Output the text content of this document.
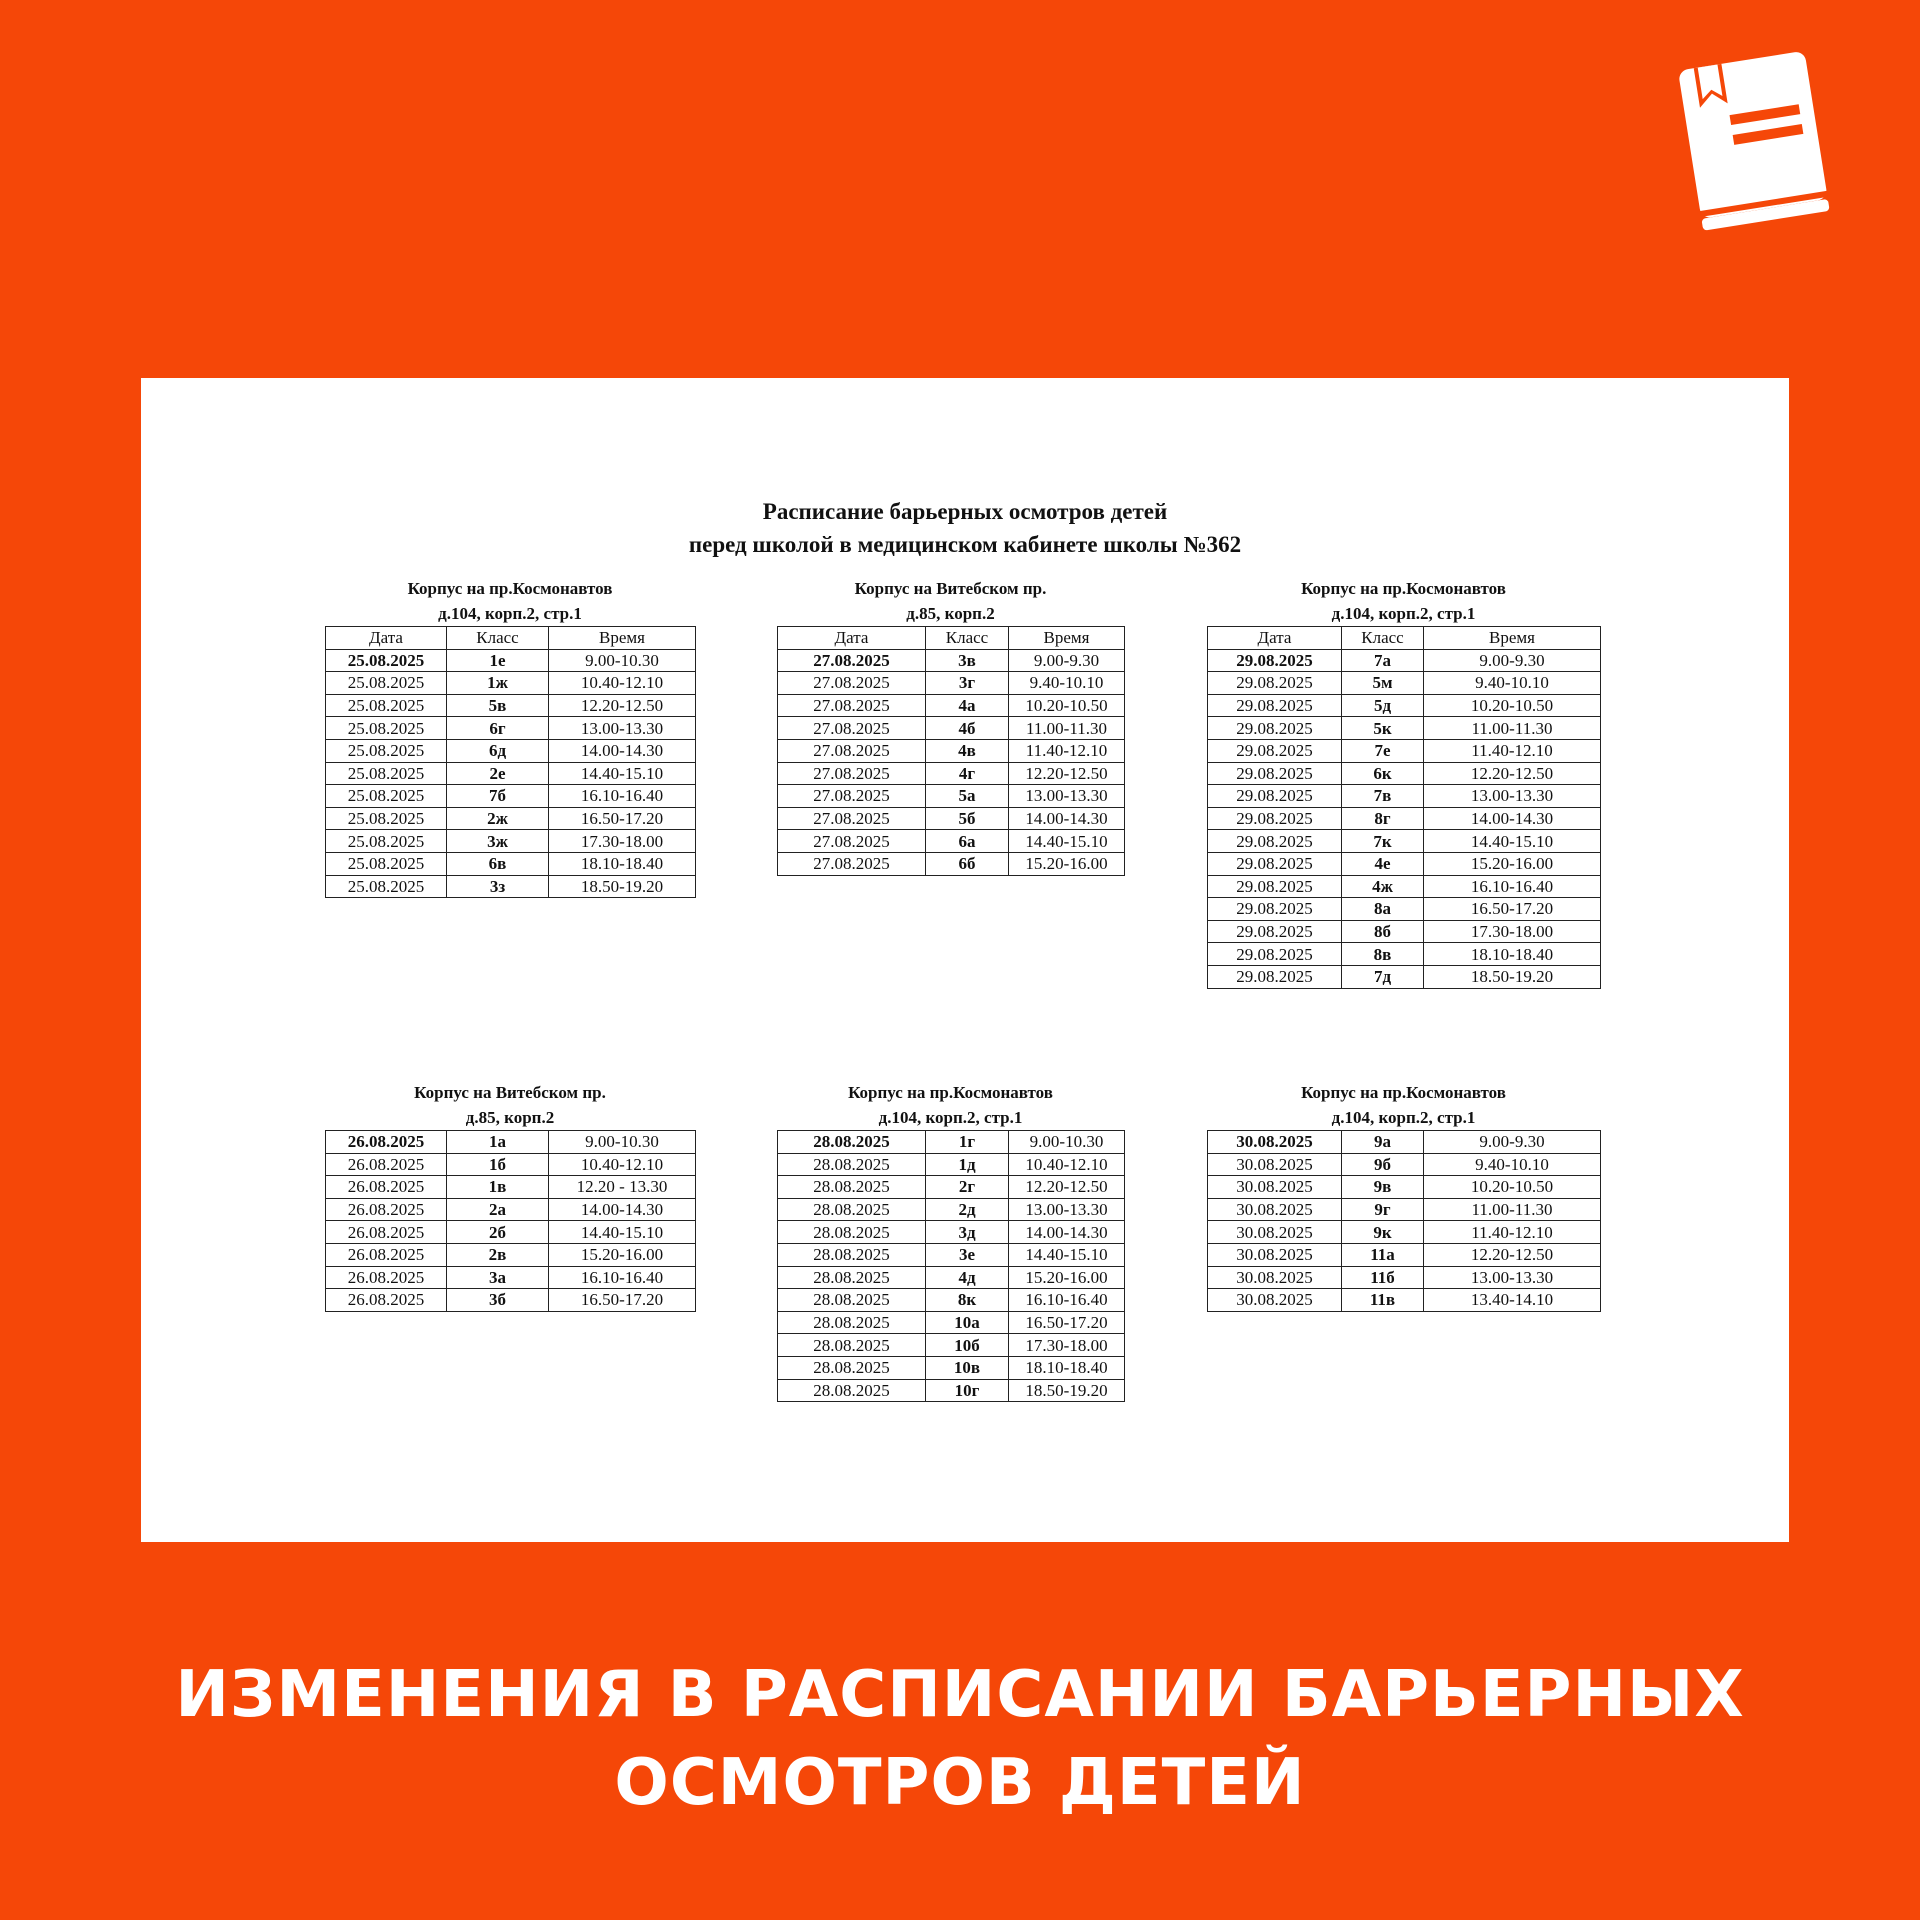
Расписание барьерных осмотров детей
перед школой в медицинском кабинете школы №362
Корпус на пр.Космонавтов
д.104, корп.2, стр.1
Дата	Класс	Время
25.08.2025	1е	9.00-10.30
25.08.2025	1ж	10.40-12.10
25.08.2025	5в	12.20-12.50
25.08.2025	6г	13.00-13.30
25.08.2025	6д	14.00-14.30
25.08.2025	2е	14.40-15.10
25.08.2025	7б	16.10-16.40
25.08.2025	2ж	16.50-17.20
25.08.2025	3ж	17.30-18.00
25.08.2025	6в	18.10-18.40
25.08.2025	3з	18.50-19.20
Корпус на Витебском пр.
д.85, корп.2
Дата	Класс	Время
27.08.2025	3в	9.00-9.30
27.08.2025	3г	9.40-10.10
27.08.2025	4а	10.20-10.50
27.08.2025	4б	11.00-11.30
27.08.2025	4в	11.40-12.10
27.08.2025	4г	12.20-12.50
27.08.2025	5а	13.00-13.30
27.08.2025	5б	14.00-14.30
27.08.2025	6а	14.40-15.10
27.08.2025	6б	15.20-16.00
Корпус на пр.Космонавтов
д.104, корп.2, стр.1
Дата	Класс	Время
29.08.2025	7а	9.00-9.30
29.08.2025	5м	9.40-10.10
29.08.2025	5д	10.20-10.50
29.08.2025	5к	11.00-11.30
29.08.2025	7е	11.40-12.10
29.08.2025	6к	12.20-12.50
29.08.2025	7в	13.00-13.30
29.08.2025	8г	14.00-14.30
29.08.2025	7к	14.40-15.10
29.08.2025	4е	15.20-16.00
29.08.2025	4ж	16.10-16.40
29.08.2025	8а	16.50-17.20
29.08.2025	8б	17.30-18.00
29.08.2025	8в	18.10-18.40
29.08.2025	7д	18.50-19.20
Корпус на Витебском пр.
д.85, корп.2
26.08.2025	1а	9.00-10.30
26.08.2025	1б	10.40-12.10
26.08.2025	1в	12.20 - 13.30
26.08.2025	2а	14.00-14.30
26.08.2025	2б	14.40-15.10
26.08.2025	2в	15.20-16.00
26.08.2025	3а	16.10-16.40
26.08.2025	3б	16.50-17.20
Корпус на пр.Космонавтов
д.104, корп.2, стр.1
28.08.2025	1г	9.00-10.30
28.08.2025	1д	10.40-12.10
28.08.2025	2г	12.20-12.50
28.08.2025	2д	13.00-13.30
28.08.2025	3д	14.00-14.30
28.08.2025	3е	14.40-15.10
28.08.2025	4д	15.20-16.00
28.08.2025	8к	16.10-16.40
28.08.2025	10а	16.50-17.20
28.08.2025	10б	17.30-18.00
28.08.2025	10в	18.10-18.40
28.08.2025	10г	18.50-19.20
Корпус на пр.Космонавтов
д.104, корп.2, стр.1
30.08.2025	9а	9.00-9.30
30.08.2025	9б	9.40-10.10
30.08.2025	9в	10.20-10.50
30.08.2025	9г	11.00-11.30
30.08.2025	9к	11.40-12.10
30.08.2025	11а	12.20-12.50
30.08.2025	11б	13.00-13.30
30.08.2025	11в	13.40-14.10
ИЗМЕНЕНИЯ В РАСПИСАНИИ БАРЬЕРНЫХ
ОСМОТРОВ ДЕТЕЙ
